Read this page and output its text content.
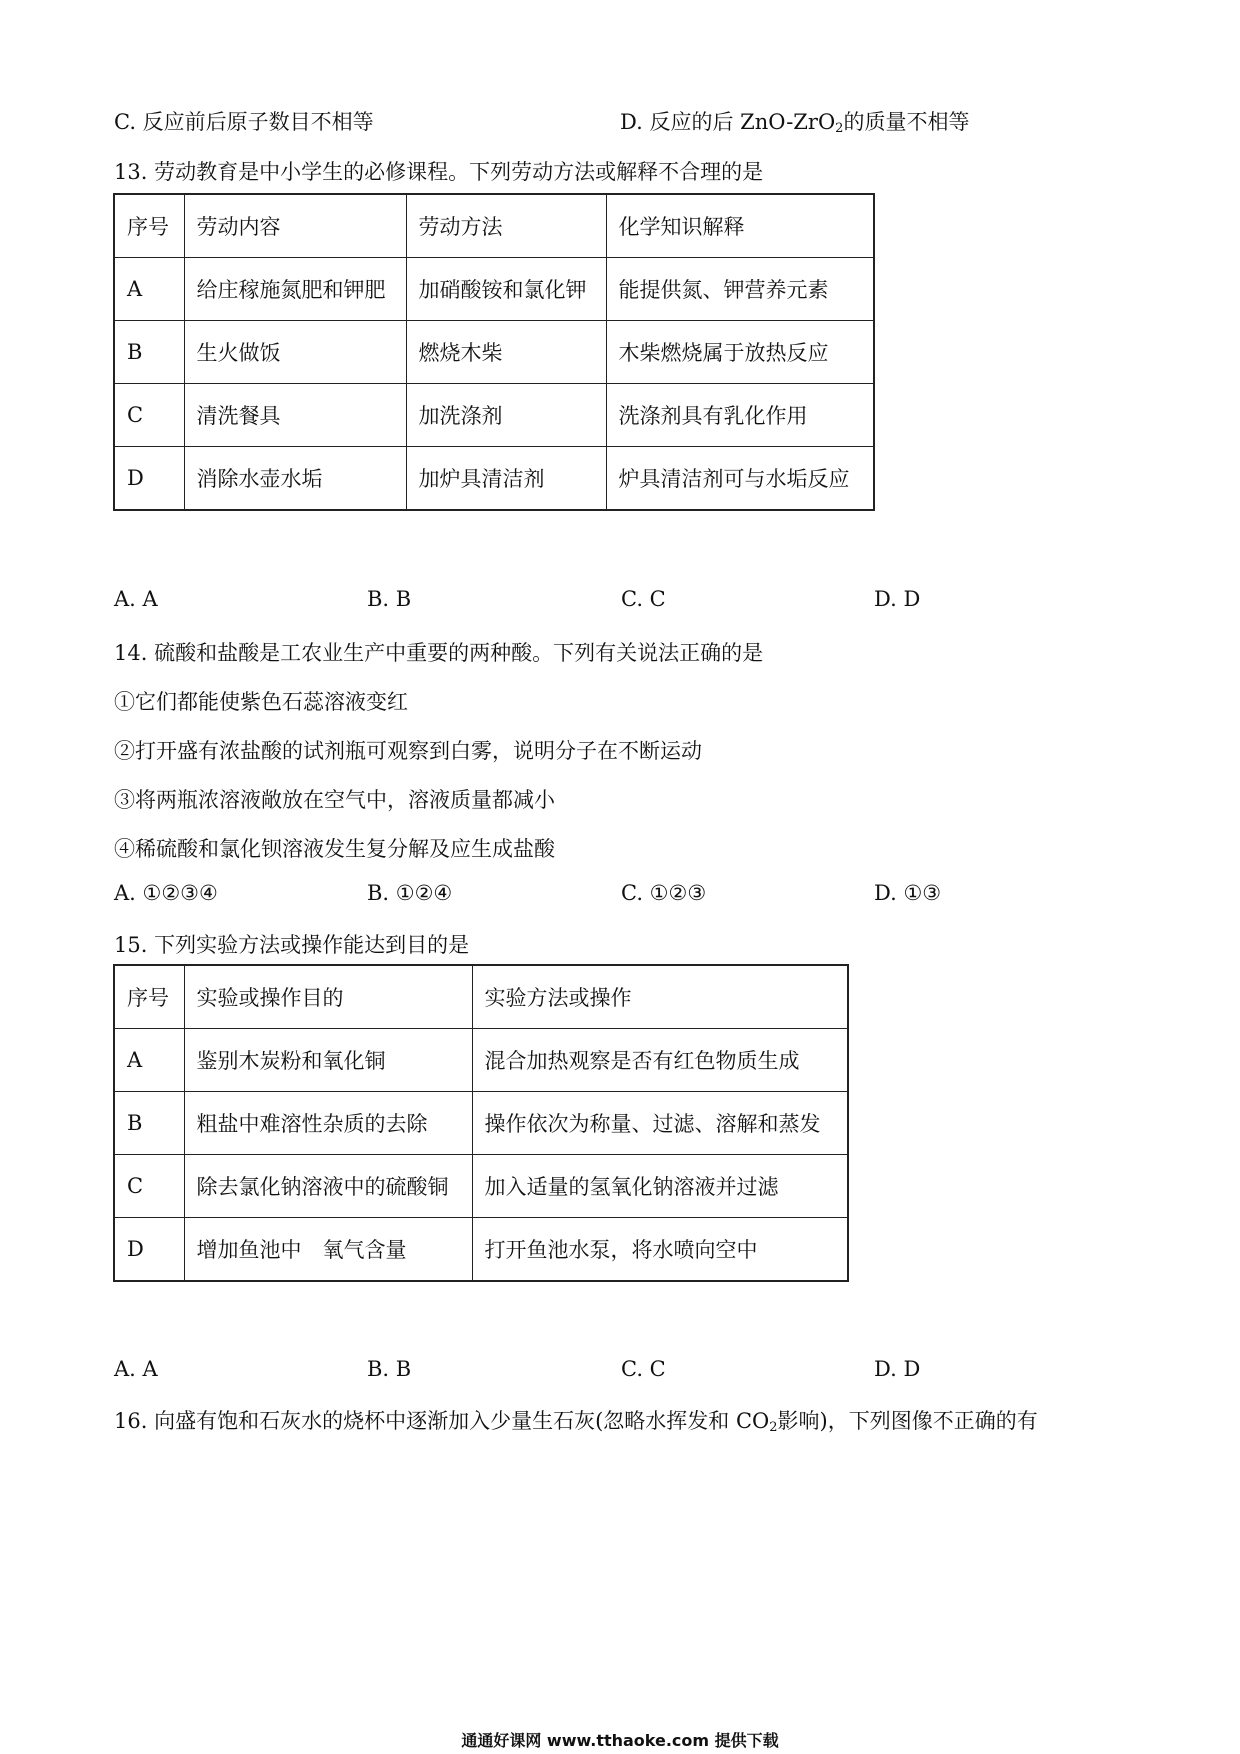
C. 反应前后原子数目不相等	D. 反应的后 ZnO-ZrO$_2$的质量不相等
13. 劳动教育是中小学生的必修课程。下列劳动方法或解释不合理的是
序号	劳动内容	劳动方法	化学知识解释
A	给庄稼施氮肥和钾肥	加硝酸铵和氯化钾	能提供氮、钾营养元素
B	生火做饭	燃烧木柴	木柴燃烧属于放热反应
C	清洗餐具	加洗涤剂	洗涤剂具有乳化作用
D	消除水壶水垢	加炉具清洁剂	炉具清洁剂可与水垢反应
A. A	B. B	C. C	D. D
14. 硫酸和盐酸是工农业生产中重要的两种酸。下列有关说法正确的是
①它们都能使紫色石蕊溶液变红
②打开盛有浓盐酸的试剂瓶可观察到白雾，说明分子在不断运动
③将两瓶浓溶液敞放在空气中，溶液质量都减小
④稀硫酸和氯化钡溶液发生复分解及应生成盐酸
A. ①②③④	B. ①②④	C. ①②③	D. ①③
15. 下列实验方法或操作能达到目的是
序号	实验或操作目的	实验方法或操作
A	鉴别木炭粉和氧化铜	混合加热观察是否有红色物质生成
B	粗盐中难溶性杂质的去除	操作依次为称量、过滤、溶解和蒸发
C	除去氯化钠溶液中的硫酸铜	加入适量的氢氧化钠溶液并过滤
D	增加鱼池中　氧气含量	打开鱼池水泵，将水喷向空中
A. A	B. B	C. C	D. D
16. 向盛有饱和石灰水的烧杯中逐渐加入少量生石灰(忽略水挥发和 $CO_2$影响)，下列图像不正确的有
通通好课网 www.tthaoke.com 提供下载
